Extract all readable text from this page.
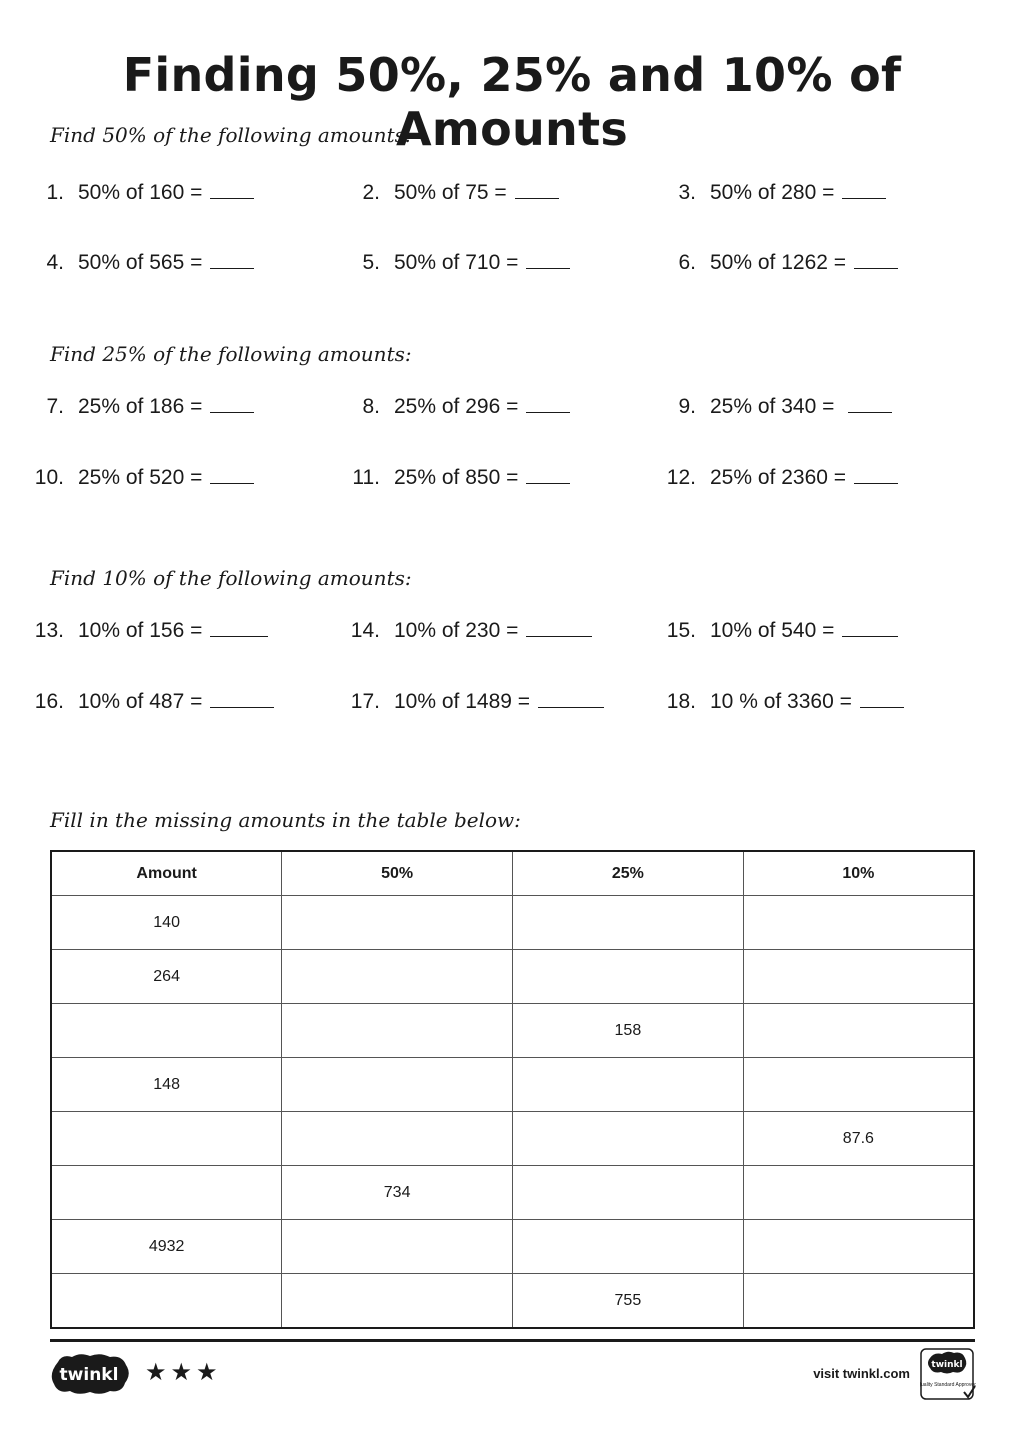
Finding 50%, 25% and 10% of Amounts

Find 50% of the following amounts:

1. 50% of 160 =	2. 50% of 75 =	3. 50% of 280 =
4. 50% of 565 =	5. 50% of 710 =	6. 50% of 1262 =

Find 25% of the following amounts:

7. 25% of 186 =	8. 25% of 296 =	9. 25% of 340 =
10. 25% of 520 =	11. 25% of 850 =	12. 25% of 2360 =

Find 10% of the following amounts:

13. 10% of 156 =	14. 10% of 230 =	15. 10% of 540 =
16. 10% of 487 =	17. 10% of 1489 =	18. 10 % of 3360 =

Fill in the missing amounts in the table below:

Amount	50%	25%	10%
140			
264			
		158	
148			
			87.6
	734		
4932			
		755	
twinkl ★★★	visit twinkl.com
twinkl
Quality Standard Approved
